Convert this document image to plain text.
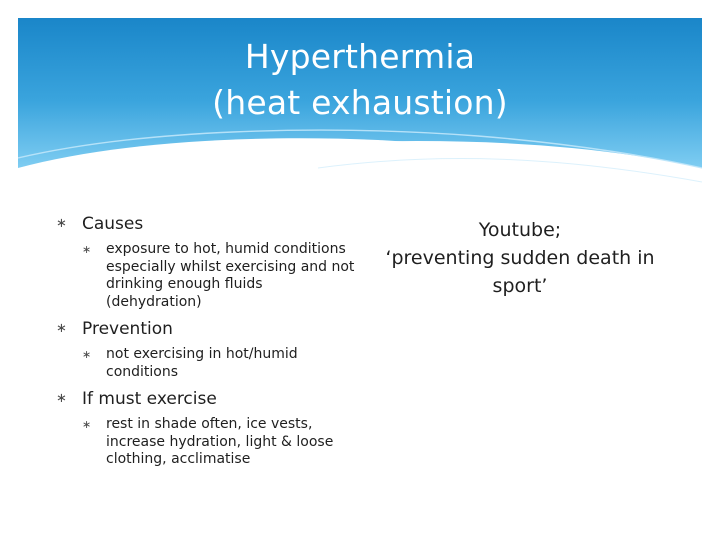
Hyperthermia
(heat exhaustion)
∗ Causes
∗ exposure to hot, humid conditions especially whilst exercising and not drinking enough fluids (dehydration)
∗ Prevention
∗ not exercising in hot/humid conditions
∗ If must exercise
∗ rest in shade often, ice vests, increase hydration, light & loose clothing, acclimatise
Youtube;
‘preventing sudden death in sport’
